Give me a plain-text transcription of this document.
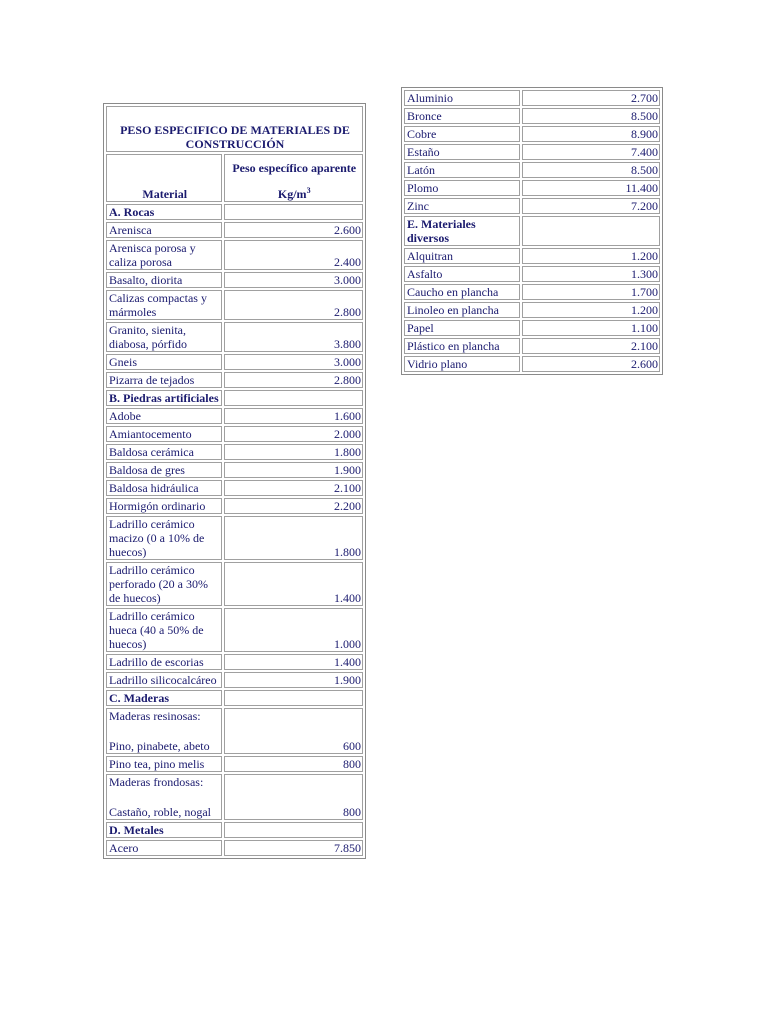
PESO ESPECIFICO DE MATERIALES DE CONSTRUCCIÓN	
Material	Peso específico aparente
$Kg/m^3$

A. Rocas	
Arenisca	2.600
Arenisca porosa y caliza porosa	2.400
Basalto, diorita	3.000
Calizas compactas y mármoles	2.800
Granito, sienita, diabosa, pórfido	3.800
Gneis	3.000
Pizarra de tejados	2.800
B. Piedras artificiales	
Adobe	1.600
Amiantocemento	2.000
Baldosa cerámica	1.800
Baldosa de gres	1.900
Baldosa hidráulica	2.100
Hormigón ordinario	2.200
Ladrillo cerámico macizo (0 a 10% de huecos)	1.800
Ladrillo cerámico perforado (20 a 30% de huecos)	1.400
Ladrillo cerámico hueca (40 a 50% de huecos)	1.000
Ladrillo de escorias	1.400
Ladrillo silicocalcáreo	1.900
C. Maderas	

Maderas resinosas:
Pino, pinabete, abeto	600
Pino tea, pino melis	800

Maderas frondosas:
Castaño, roble, nogal	800
D. Metales	
Acero	7.850
Aluminio	2.700
Bronce	8.500
Cobre	8.900
Estaño	7.400
Latón	8.500
Plomo	11.400
Zinc	7.200
E. Materiales diversos	
Alquitran	1.200
Asfalto	1.300
Caucho en plancha	1.700
Linoleo en plancha	1.200
Papel	1.100
Plástico en plancha	2.100
Vidrio plano	2.600
